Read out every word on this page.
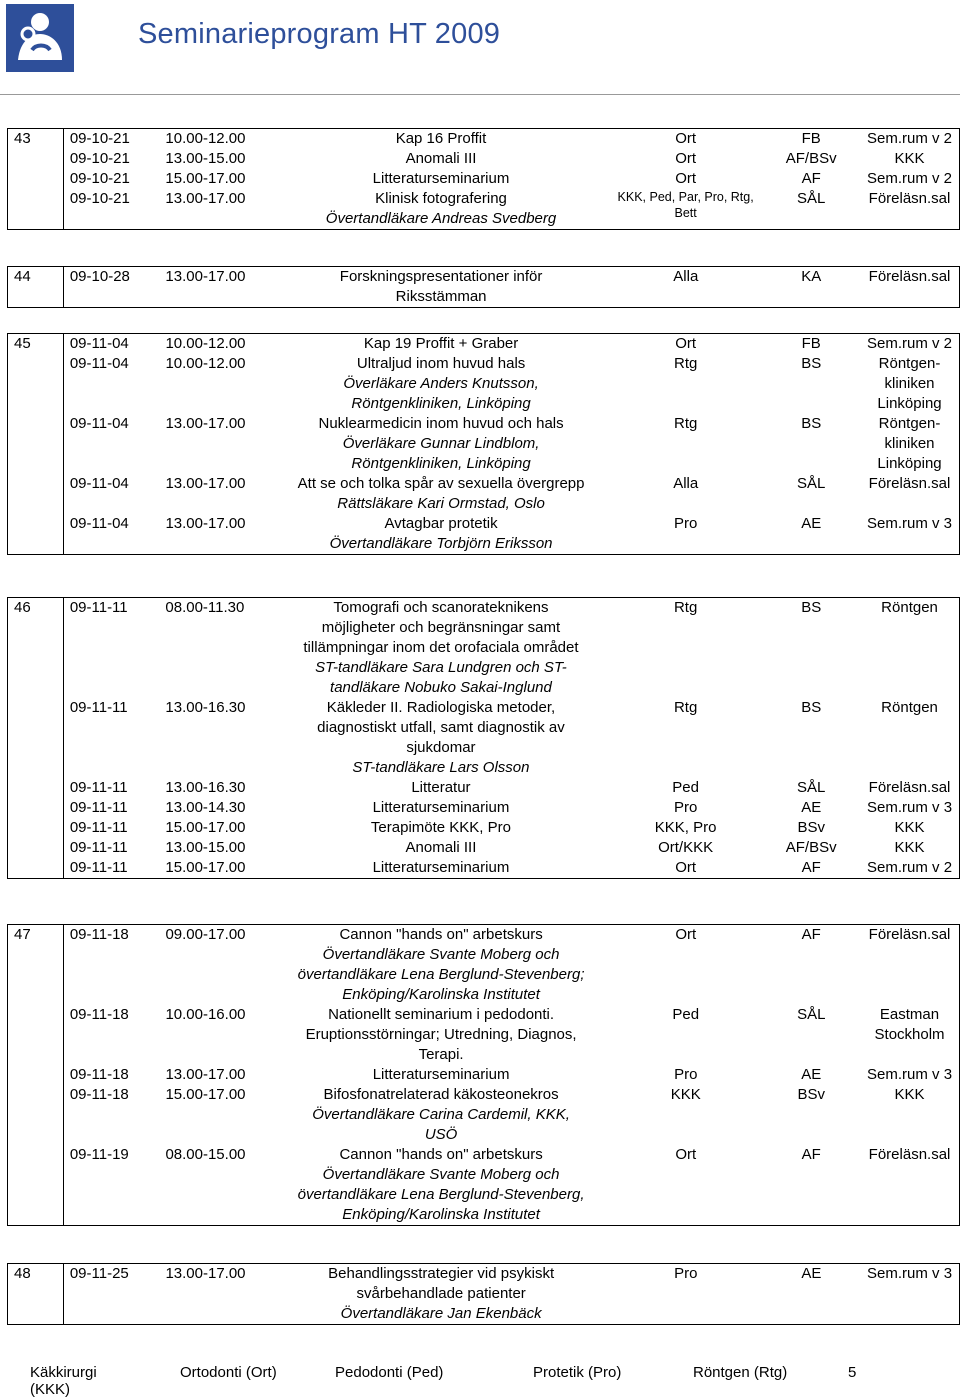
Seminarieprogram HT 2009
43	09-10-21	10.00-12.00	Kap 16 Proffit	Ort	FB	Sem.rum v 2
	09-10-21	13.00-15.00	Anomali III	Ort	AF/BSv	KKK
	09-10-21	15.00-17.00	Litteraturseminarium	Ort	AF	Sem.rum v 2
	09-10-21	13.00-17.00	Klinisk fotografering
Övertandläkare Andreas Svedberg	KKK, Ped, Par, Pro, Rtg, Bett	SÅL	Föreläsn.sal
44	09-10-28	13.00-17.00	Forskningspresentationer inför
Riksstämman
	Alla	KA	Föreläsn.sal
45	09-11-04	10.00-12.00	Kap 19 Proffit + Graber	Ort	FB	Sem.rum v 2
	09-11-04	10.00-12.00	Ultraljud inom huvud hals
Överläkare Anders Knutsson,
Röntgenkliniken, Linköping	Rtg	BS	Röntgen- kliniken Linköping
	09-11-04	13.00-17.00	Nuklearmedicin inom huvud och hals
Överläkare Gunnar Lindblom,
Röntgenkliniken, Linköping	Rtg	BS	Röntgen- kliniken Linköping
	09-11-04	13.00-17.00	Att se och tolka spår av sexuella övergrepp
Rättsläkare Kari Ormstad, Oslo	Alla	SÅL	Föreläsn.sal
	09-11-04	13.00-17.00	Avtagbar protetik
Övertandläkare Torbjörn Eriksson	Pro	AE	Sem.rum v 3
46	09-11-11	08.00-11.30	Tomografi och scanorateknikens
möjligheter och begränsningar samt
tillämpningar inom det orofaciala området
ST-tandläkare Sara Lundgren och ST-
tandläkare Nobuko Sakai-Inglund	Rtg	BS	Röntgen
	09-11-11	13.00-16.30	Käkleder II. Radiologiska metoder,
diagnostiskt utfall, samt diagnostik av
sjukdomar
ST-tandläkare Lars Olsson	Rtg	BS	Röntgen
	09-11-11	13.00-16.30	Litteratur	Ped	SÅL	Föreläsn.sal
	09-11-11	13.00-14.30	Litteraturseminarium	Pro	AE	Sem.rum v 3
	09-11-11	15.00-17.00	Terapimöte KKK, Pro	KKK, Pro	BSv	KKK
	09-11-11	13.00-15.00	Anomali III	Ort/KKK	AF/BSv	KKK
	09-11-11	15.00-17.00	Litteraturseminarium	Ort	AF	Sem.rum v 2
47	09-11-18	09.00-17.00	Cannon "hands on" arbetskurs
Övertandläkare Svante Moberg och
övertandläkare Lena Berglund-Stevenberg;
Enköping/Karolinska Institutet	Ort	AF	Föreläsn.sal
	09-11-18	10.00-16.00	Nationellt seminarium i pedodonti.
Eruptionsstörningar; Utredning, Diagnos,
Terapi.	Ped	SÅL	Eastman Stockholm
	09-11-18	13.00-17.00	Litteraturseminarium	Pro	AE	Sem.rum v 3
	09-11-18	15.00-17.00	Bifosfonatrelaterad käkosteonekros
Övertandläkare Carina Cardemil, KKK,
USÖ	KKK	BSv	KKK
	09-11-19	08.00-15.00	Cannon "hands on" arbetskurs
Övertandläkare Svante Moberg och
övertandläkare Lena Berglund-Stevenberg,
Enköping/Karolinska Institutet	Ort	AF	Föreläsn.sal
48	09-11-25	13.00-17.00	Behandlingsstrategier vid psykiskt
svårbehandlade patienter
Övertandläkare Jan Ekenbäck
	Pro	AE	Sem.rum v 3
Käkkirurgi (KKK)
Ortodonti (Ort)	Pedodonti (Ped)	Protetik (Pro)	Röntgen (Rtg)	5
